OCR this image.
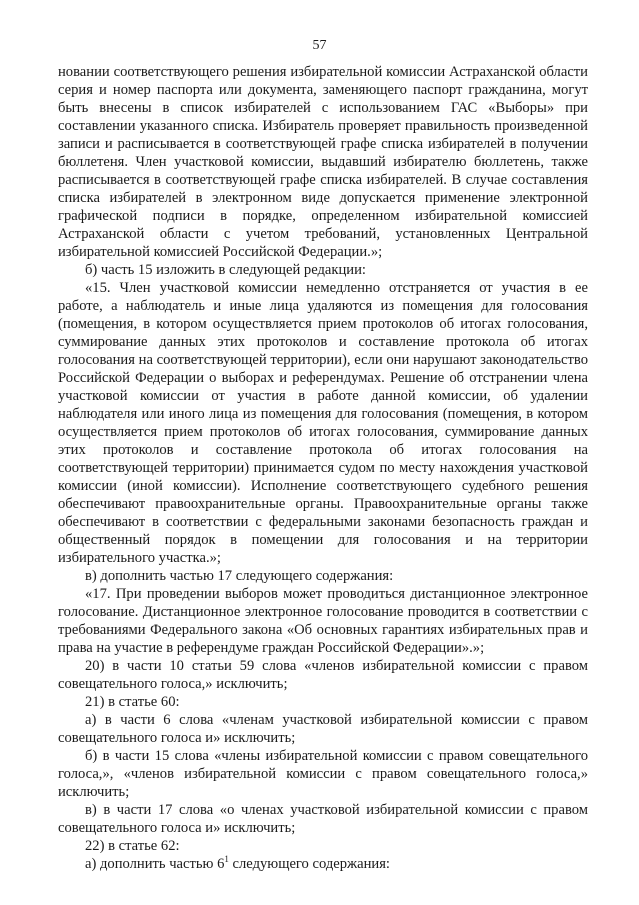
57

новании соответствующего решения избирательной комиссии Астраханской области серия и номер паспорта или документа, заменяющего паспорт гражданина, могут быть внесены в список избирателей с использованием ГАС «Выборы» при составлении указанного списка. Избиратель проверяет правильность произведенной записи и расписывается в соответствующей графе списка избирателей в получении бюллетеня. Член участковой комиссии, выдавший избирателю бюллетень, также расписывается в соответствующей графе списка избирателей. В случае составления списка избирателей в электронном виде допускается применение электронной графической подписи в порядке, определенном избирательной комиссией Астраханской области с учетом требований, установленных Центральной избирательной комиссией Российской Федерации.»;

б) часть 15 изложить в следующей редакции:

«15. Член участковой комиссии немедленно отстраняется от участия в ее работе, а наблюдатель и иные лица удаляются из помещения для голосования (помещения, в котором осуществляется прием протоколов об итогах голосования, суммирование данных этих протоколов и составление протокола об итогах голосования на соответствующей территории), если они нарушают законодательство Российской Федерации о выборах и референдумах. Решение об отстранении члена участковой комиссии от участия в работе данной комиссии, об удалении наблюдателя или иного лица из помещения для голосования (помещения, в котором осуществляется прием протоколов об итогах голосования, суммирование данных этих протоколов и составление протокола об итогах голосования на соответствующей территории) принимается судом по месту нахождения участковой комиссии (иной комиссии). Исполнение соответствующего судебного решения обеспечивают правоохранительные органы. Правоохранительные органы также обеспечивают в соответствии с федеральными законами безопасность граждан и общественный порядок в помещении для голосования и на территории избирательного участка.»;

в) дополнить частью 17 следующего содержания:

«17. При проведении выборов может проводиться дистанционное электронное голосование. Дистанционное электронное голосование проводится в соответствии с требованиями Федерального закона «Об основных гарантиях избирательных прав и права на участие в референдуме граждан Российской Федерации».»;

20) в части 10 статьи 59 слова «членов избирательной комиссии с правом совещательного голоса,» исключить;

21) в статье 60:

а) в части 6 слова «членам участковой избирательной комиссии с правом совещательного голоса и» исключить;

б) в части 15 слова «члены избирательной комиссии с правом совещательного голоса,», «членов избирательной комиссии с правом совещательного голоса,» исключить;

в) в части 17 слова «о членах участковой избирательной комиссии с правом совещательного голоса и» исключить;

22) в статье 62:

а) дополнить частью $6^1$ следующего содержания:
